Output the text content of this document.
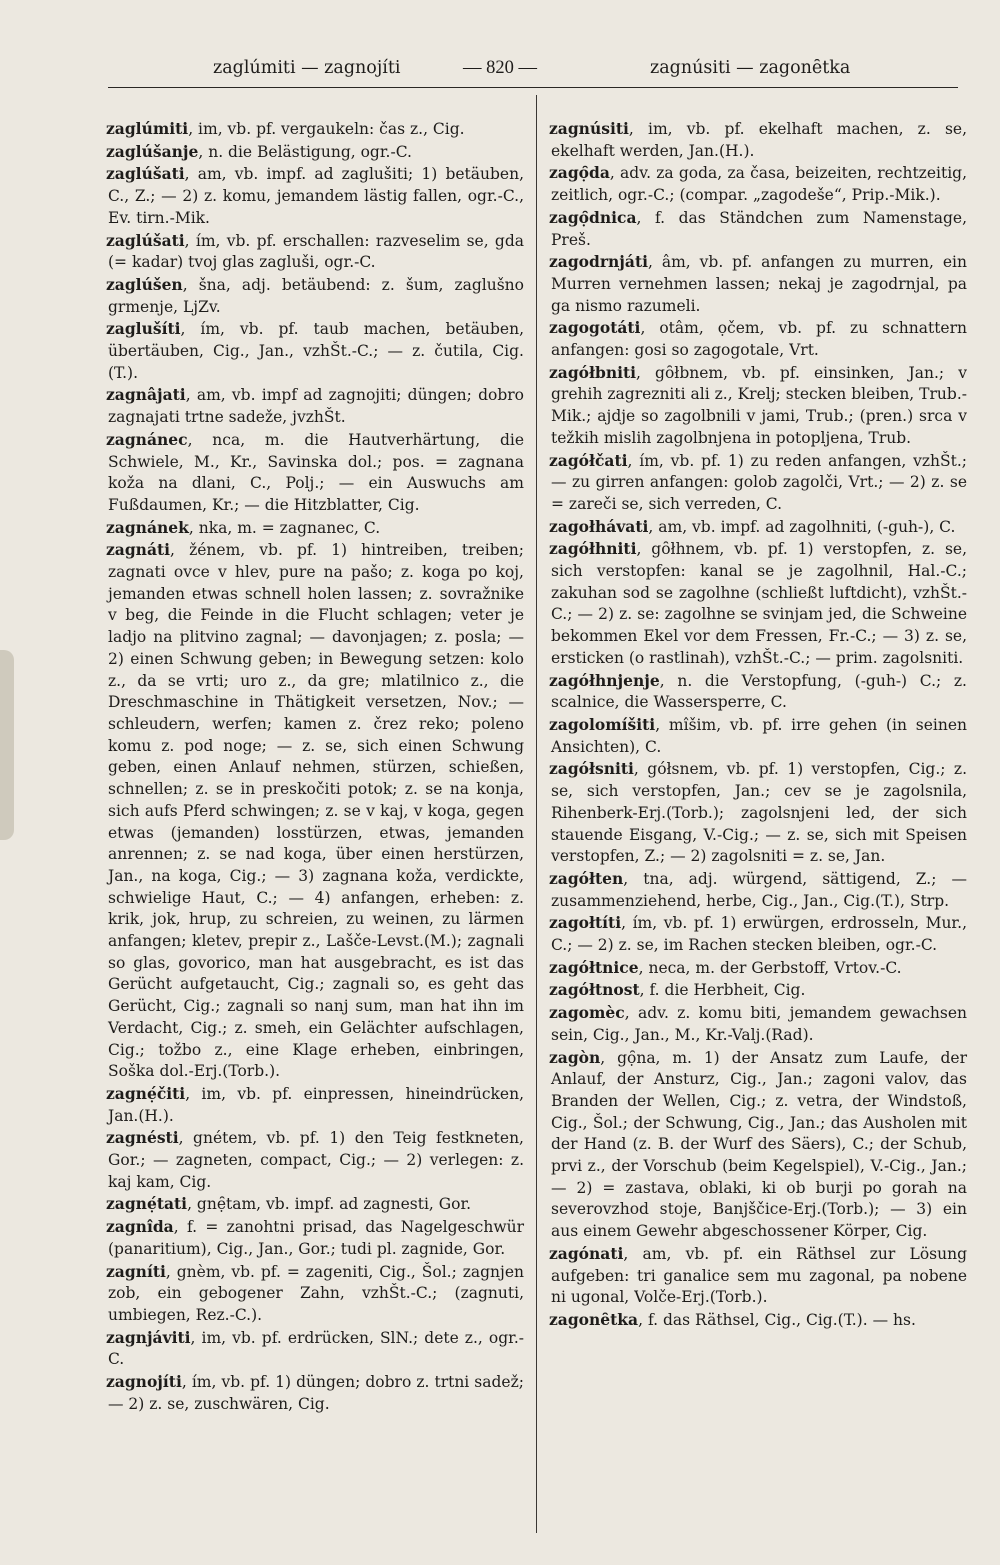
zaglúmiti — zagnojíti	— 820 —	zagnúsiti — zagonȇtka

zaglúmiti, im, vb. pf. vergaukeln: čas z., Cig.

zaglúšanje, n. die Belästigung, ogr.-C.

zaglúšati, am, vb. impf. ad zaglušiti; 1) betäuben, C., Z.; — 2) z. komu, jemandem lästig fallen, ogr.-C., Ev. tirn.-Mik.

zaglúšati, ím, vb. pf. erschallen: razveselim se, gda (= kadar) tvoj glas zagluši, ogr.-C.

zaglúšen, šna, adj. betäubend: z. šum, zaglušno grmenje, LjZv.

zaglušíti, ím, vb. pf. taub machen, betäuben, übertäuben, Cig., Jan., vzhŠt.-C.; — z. čutila, Cig.(T.).

zagnâjati, am, vb. impf ad zagnojiti; düngen; dobro zagnajati trtne sadeže, jvzhŠt.

zagnánec, nca, m. die Hautverhärtung, die Schwiele, M., Kr., Savinska dol.; pos. = zagnana koža na dlani, C., Polj.; — ein Auswuchs am Fußdaumen, Kr.; — die Hitzblatter, Cig.

zagnánek, nka, m. = zagnanec, C.

zagnáti, žénem, vb. pf. 1) hintreiben, treiben; zagnati ovce v hlev, pure na pašo; z. koga po koj, jemanden etwas schnell holen lassen; z. sovražnike v beg, die Feinde in die Flucht schlagen; veter je ladjo na plitvino zagnal; — davonjagen; z. posla; — 2) einen Schwung geben; in Bewegung setzen: kolo z., da se vrti; uro z., da gre; mlatilnico z., die Dreschmaschine in Thätigkeit versetzen, Nov.; — schleudern, werfen; kamen z. črez reko; poleno komu z. pod noge; — z. se, sich einen Schwung geben, einen Anlauf nehmen, stürzen, schießen, schnellen; z. se in preskočiti potok; z. se na konja, sich aufs Pferd schwingen; z. se v kaj, v koga, gegen etwas (jemanden) losstürzen, etwas, jemanden anrennen; z. se nad koga, über einen herstürzen, Jan., na koga, Cig.; — 3) zagnana koža, verdickte, schwielige Haut, C.; — 4) anfangen, erheben: z. krik, jok, hrup, zu schreien, zu weinen, zu lärmen anfangen; kletev, prepir z., Lašče-Levst.(M.); zagnali so glas, govorico, man hat ausgebracht, es ist das Gerücht aufgetaucht, Cig.; zagnali so, es geht das Gerücht, Cig.; zagnali so nanj sum, man hat ihn im Verdacht, Cig.; z. smeh, ein Gelächter aufschlagen, Cig.; tožbo z., eine Klage erheben, einbringen, Soška dol.-Erj.(Torb.).

zagnẹ́čiti, im, vb. pf. einpressen, hineindrücken, Jan.(H.).

zagnésti, gnétem, vb. pf. 1) den Teig festkneten, Gor.; — zagneten, compact, Cig.; — 2) verlegen: z. kaj kam, Cig.

zagnẹ́tati, gnẹ̑tam, vb. impf. ad zagnesti, Gor.

zagnîda, f. = zanohtni prisad, das Nagelgeschwür (panaritium), Cig., Jan., Gor.; tudi pl. zagnide, Gor.

zagníti, gnèm, vb. pf. = zageniti, Cig., Šol.; zagnjen zob, ein gebogener Zahn, vzhŠt.-C.; (zagnuti, umbiegen, Rez.-C.).

zagnjáviti, im, vb. pf. erdrücken, SlN.; dete z., ogr.-C.

zagnojíti, ím, vb. pf. 1) düngen; dobro z. trtni sadež; — 2) z. se, zuschwären, Cig.

zagnúsiti, im, vb. pf. ekelhaft machen, z. se, ekelhaft werden, Jan.(H.).

zagọ̑da, adv. za goda, za časa, beizeiten, rechtzeitig, zeitlich, ogr.-C.; (compar. „zagodeše“, Prip.-Mik.).

zagọ̑dnica, f. das Ständchen zum Namenstage, Preš.

zagodrnjáti, âm, vb. pf. anfangen zu murren, ein Murren vernehmen lassen; nekaj je zagodrnjal, pa ga nismo razumeli.

zagogotáti, otâm, ọčem, vb. pf. zu schnattern anfangen: gosi so zagogotale, Vrt.

zagółbniti, gȏłbnem, vb. pf. einsinken, Jan.; v grehih zagrezniti ali z., Krelj; stecken bleiben, Trub.-Mik.; ajdje so zagolbnili v jami, Trub.; (pren.) srca v težkih mislih zagolbnjena in potopljena, Trub.

zagółčati, ím, vb. pf. 1) zu reden anfangen, vzhŠt.; — zu girren anfangen: golob zagolči, Vrt.; — 2) z. se = zareči se, sich verreden, C.

zagołhávati, am, vb. impf. ad zagolhniti, (-guh-), C.

zagółhniti, gȏłhnem, vb. pf. 1) verstopfen, z. se, sich verstopfen: kanal se je zagolhnil, Hal.-C.; zakuhan sod se zagolhne (schließt luftdicht), vzhŠt.-C.; — 2) z. se: zagolhne se svinjam jed, die Schweine bekommen Ekel vor dem Fressen, Fr.-C.; — 3) z. se, ersticken (o rastlinah), vzhŠt.-C.; — prim. zagolsniti.

zagółhnjenje, n. die Verstopfung, (-guh-) C.; z. scalnice, die Wassersperre, C.

zagolomíšiti, mîšim, vb. pf. irre gehen (in seinen Ansichten), C.

zagółsniti, gółsnem, vb. pf. 1) verstopfen, Cig.; z. se, sich verstopfen, Jan.; cev se je zagolsnila, Rihenberk-Erj.(Torb.); zagolsnjeni led, der sich stauende Eisgang, V.-Cig.; — z. se, sich mit Speisen verstopfen, Z.; — 2) zagolsniti = z. se, Jan.

zagółten, tna, adj. würgend, sättigend, Z.; — zusammenziehend, herbe, Cig., Jan., Cig.(T.), Strp.

zagołtíti, ím, vb. pf. 1) erwürgen, erdrosseln, Mur., C.; — 2) z. se, im Rachen stecken bleiben, ogr.-C.

zagółtnice, neca, m. der Gerbstoff, Vrtov.-C.

zagółtnost, f. die Herbheit, Cig.

zagomèc, adv. z. komu biti, jemandem gewachsen sein, Cig., Jan., M., Kr.-Valj.(Rad).

zagòn, gọ̑na, m. 1) der Ansatz zum Laufe, der Anlauf, der Ansturz, Cig., Jan.; zagoni valov, das Branden der Wellen, Cig.; z. vetra, der Windstoß, Cig., Šol.; der Schwung, Cig., Jan.; das Ausholen mit der Hand (z. B. der Wurf des Säers), C.; der Schub, prvi z., der Vorschub (beim Kegelspiel), V.-Cig., Jan.; — 2) = zastava, oblaki, ki ob burji po gorah na severovzhod stoje, Banjščice-Erj.(Torb.); — 3) ein aus einem Gewehr abgeschossener Körper, Cig.

zagónati, am, vb. pf. ein Räthsel zur Lösung aufgeben: tri ganalice sem mu zagonal, pa nobene ni ugonal, Volče-Erj.(Torb.).

zagonȇtka, f. das Räthsel, Cig., Cig.(T.). — hs.
